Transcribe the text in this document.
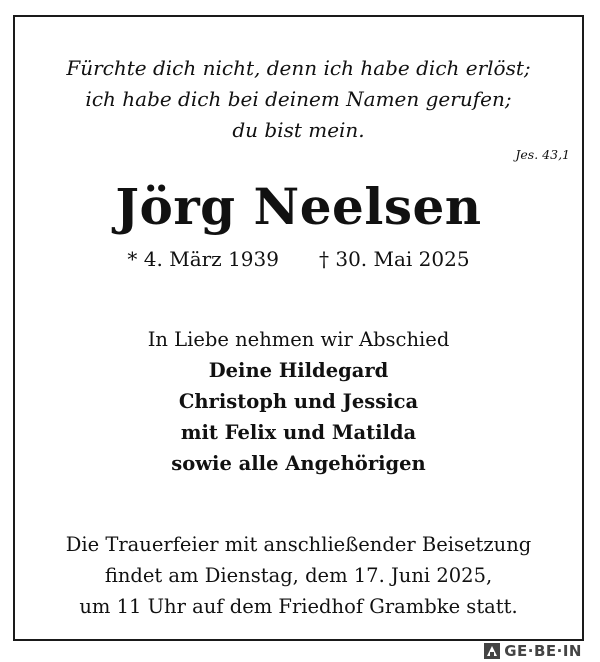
Fürchte dich nicht, denn ich habe dich erlöst;
ich habe dich bei deinem Namen gerufen;
du bist mein.
Jes. 43,1
Jörg Neelsen
* 4. März 1939 † 30. Mai 2025
In Liebe nehmen wir Abschied
Deine Hildegard
Christoph und Jessica
mit Felix und Matilda
sowie alle Angehörigen
Die Trauerfeier mit anschließender Beisetzung
findet am Dienstag, dem 17. Juni 2025,
um 11 Uhr auf dem Friedhof Grambke statt.
GE·BE·IN
